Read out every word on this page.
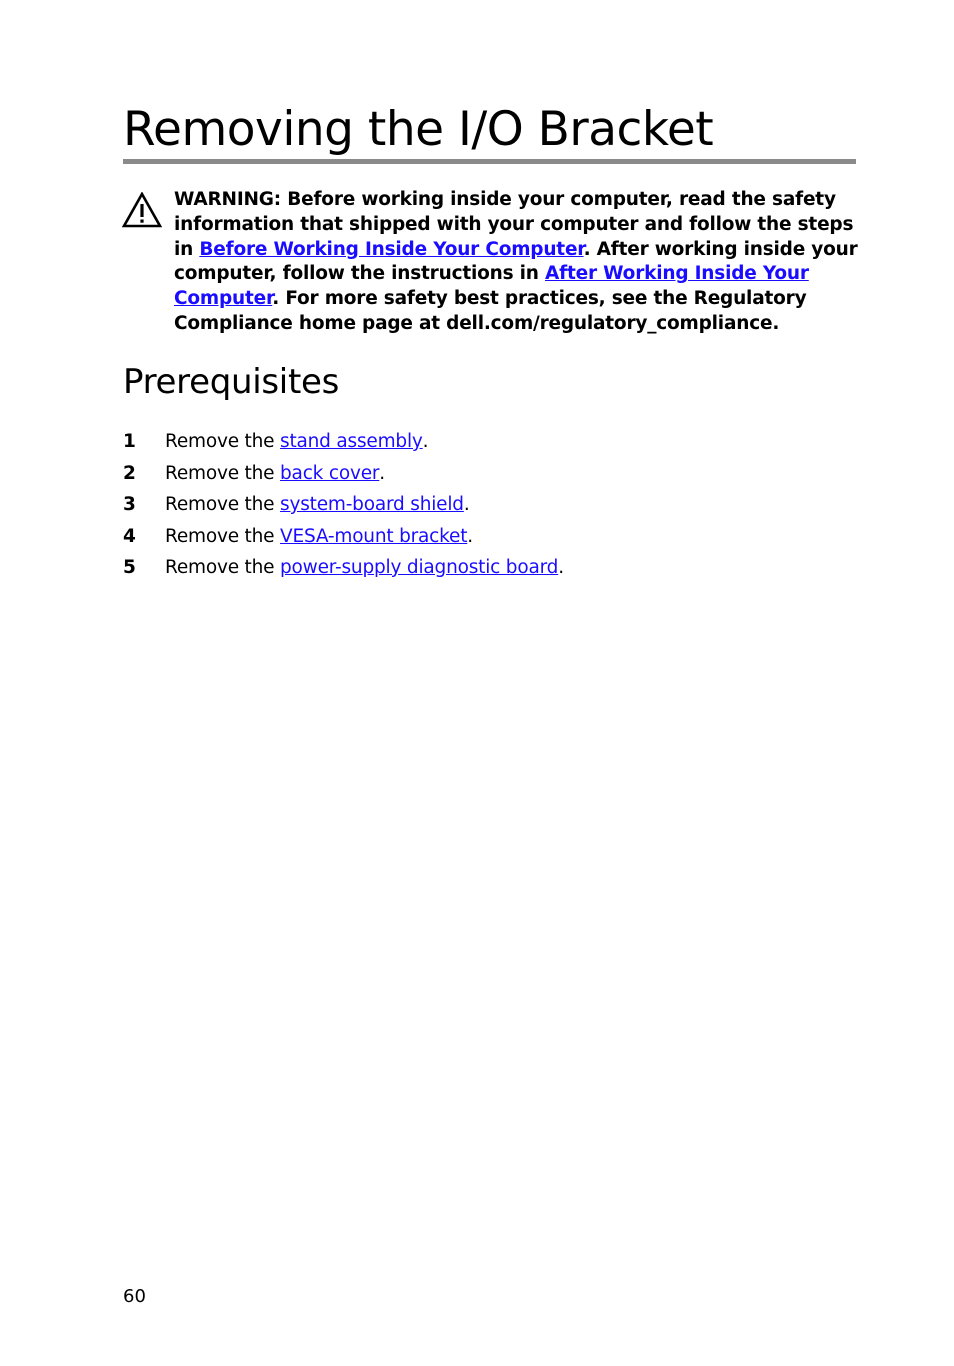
Removing the I/O Bracket

WARNING: Before working inside your computer, read the safety information that shipped with your computer and follow the steps in Before Working Inside Your Computer. After working inside your computer, follow the instructions in After Working Inside Your Computer. For more safety best practices, see the Regulatory Compliance home page at dell.com/regulatory_compliance.

Prerequisites
1	Remove the
stand assembly .
2	Remove the
back cover .
3	Remove the
system-board shield .
4	Remove the
VESA-mount bracket .
5	Remove the
power-supply diagnostic board .

60
